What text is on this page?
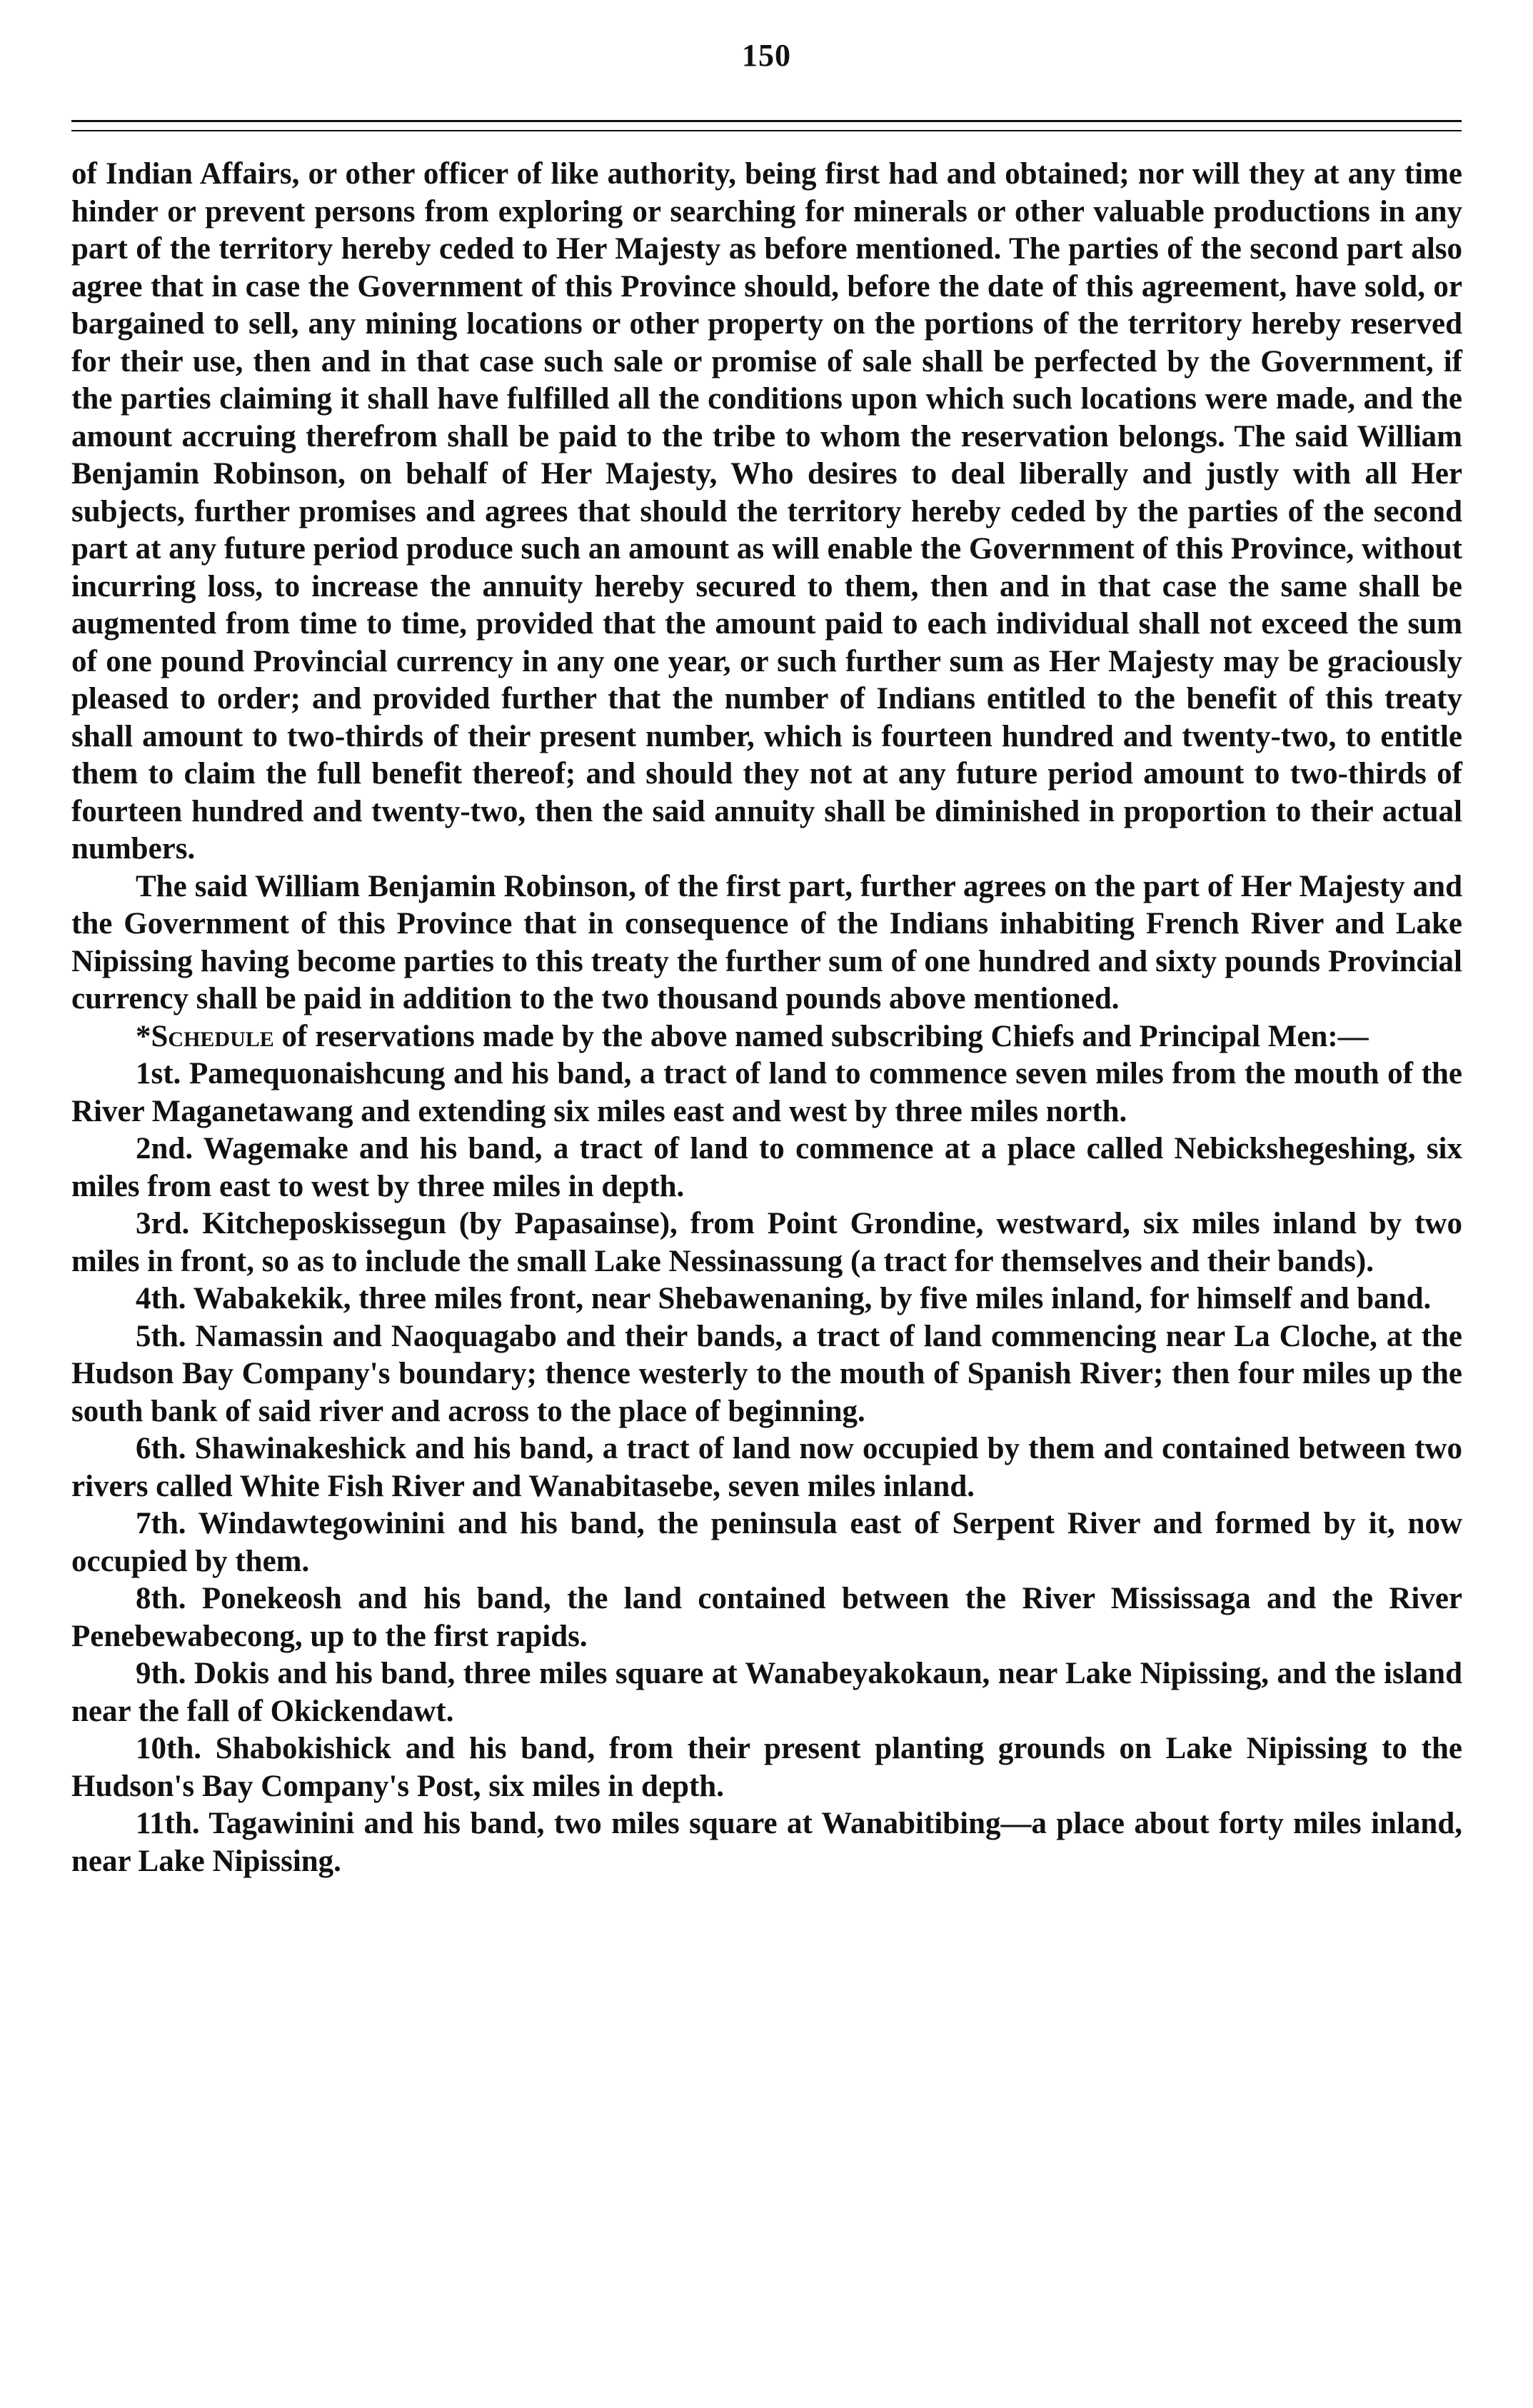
150

of Indian Affairs, or other officer of like authority, being first had and obtained; nor will they at any time hinder or prevent persons from exploring or searching for minerals or other valuable productions in any part of the territory hereby ceded to Her Majesty as before mentioned. The parties of the second part also agree that in case the Government of this Province should, before the date of this agreement, have sold, or bargained to sell, any mining locations or other property on the portions of the territory hereby reserved for their use, then and in that case such sale or promise of sale shall be perfected by the Government, if the parties claiming it shall have fulfilled all the conditions upon which such locations were made, and the amount accruing therefrom shall be paid to the tribe to whom the reservation belongs. The said William Benjamin Robinson, on behalf of Her Majesty, Who desires to deal liberally and justly with all Her subjects, further promises and agrees that should the territory hereby ceded by the parties of the second part at any future period produce such an amount as will enable the Government of this Province, without incurring loss, to increase the annuity hereby secured to them, then and in that case the same shall be augmented from time to time, provided that the amount paid to each individual shall not exceed the sum of one pound Provincial currency in any one year, or such further sum as Her Majesty may be graciously pleased to order; and provided further that the number of Indians entitled to the benefit of this treaty shall amount to two-thirds of their present number, which is fourteen hundred and twenty-two, to entitle them to claim the full benefit thereof; and should they not at any future period amount to two-thirds of fourteen hundred and twenty-two, then the said annuity shall be diminished in proportion to their actual numbers.

The said William Benjamin Robinson, of the first part, further agrees on the part of Her Majesty and the Government of this Province that in consequence of the Indians inhabiting French River and Lake Nipissing having become parties to this treaty the further sum of one hundred and sixty pounds Provincial currency shall be paid in addition to the two thousand pounds above mentioned.

*Schedule of reservations made by the above named subscribing Chiefs and Principal Men:—

1st. Pamequonaishcung and his band, a tract of land to commence seven miles from the mouth of the River Maganetawang and extending six miles east and west by three miles north.

2nd. Wagemake and his band, a tract of land to commence at a place called Nebickshegeshing, six miles from east to west by three miles in depth.

3rd. Kitcheposkissegun (by Papasainse), from Point Grondine, westward, six miles inland by two miles in front, so as to include the small Lake Nessinassung (a tract for themselves and their bands).

4th. Wabakekik, three miles front, near Shebawenaning, by five miles inland, for himself and band.

5th. Namassin and Naoquagabo and their bands, a tract of land commencing near La Cloche, at the Hudson Bay Company's boundary; thence westerly to the mouth of Spanish River; then four miles up the south bank of said river and across to the place of beginning.

6th. Shawinakeshick and his band, a tract of land now occupied by them and contained between two rivers called White Fish River and Wanabitasebe, seven miles inland.

7th. Windawtegowinini and his band, the peninsula east of Serpent River and formed by it, now occupied by them.

8th. Ponekeosh and his band, the land contained between the River Mississaga and the River Penebewabecong, up to the first rapids.

9th. Dokis and his band, three miles square at Wanabeyakokaun, near Lake Nipissing, and the island near the fall of Okickendawt.

10th. Shabokishick and his band, from their present planting grounds on Lake Nipissing to the Hudson's Bay Company's Post, six miles in depth.

11th. Tagawinini and his band, two miles square at Wanabitibing—a place about forty miles inland, near Lake Nipissing.
